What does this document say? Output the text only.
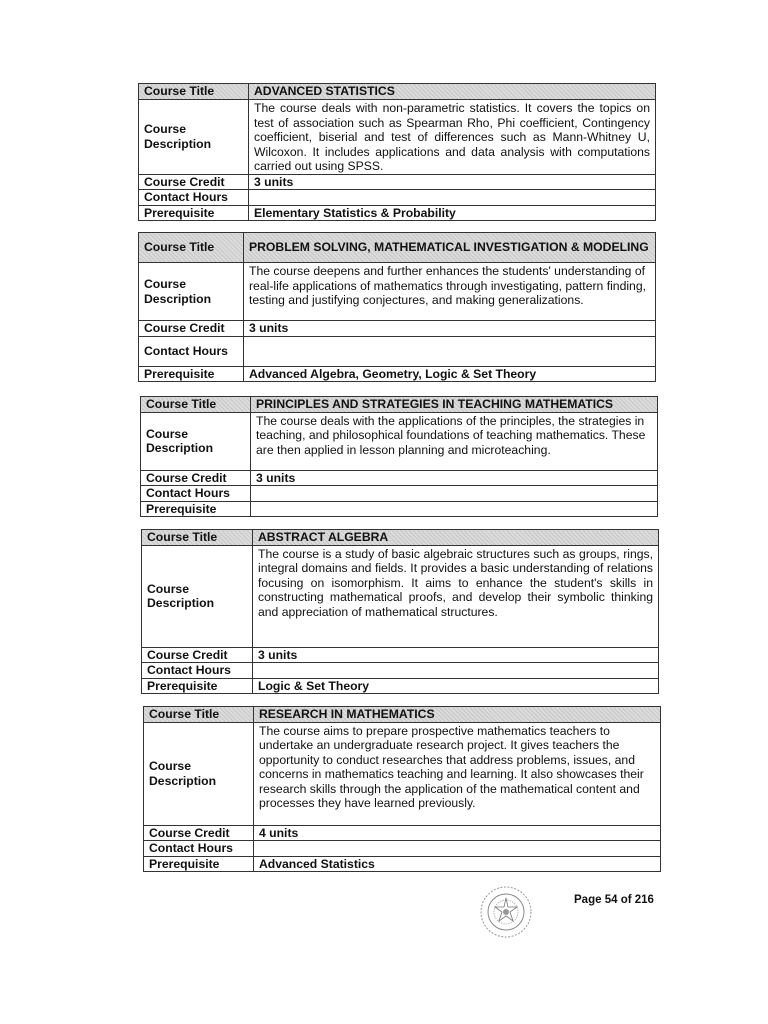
Course Title	ADVANCED STATISTICS
Course Description	The course deals with non-parametric statistics. It covers the topics on test of association such as Spearman Rho, Phi coefficient, Contingency coefficient, biserial and test of differences such as Mann-Whitney U, Wilcoxon. It includes applications and data analysis with computations carried out using SPSS.
Course Credit	3 units
Contact Hours	
Prerequisite	Elementary Statistics & Probability
Course Title	PROBLEM SOLVING, MATHEMATICAL INVESTIGATION & MODELING
Course Description	The course deepens and further enhances the students' understanding of real-life applications of mathematics through investigating, pattern finding, testing and justifying conjectures, and making generalizations.
Course Credit	3 units
Contact Hours	
Prerequisite	Advanced Algebra, Geometry, Logic & Set Theory
Course Title	PRINCIPLES AND STRATEGIES IN TEACHING MATHEMATICS
Course Description	The course deals with the applications of the principles, the strategies in teaching, and philosophical foundations of teaching mathematics. These are then applied in lesson planning and microteaching.
Course Credit	3 units
Contact Hours	
Prerequisite	
Course Title	ABSTRACT ALGEBRA
Course Description	The course is a study of basic algebraic structures such as groups, rings, integral domains and fields. It provides a basic understanding of relations focusing on isomorphism. It aims to enhance the student's skills in constructing mathematical proofs, and develop their symbolic thinking and appreciation of mathematical structures.
Course Credit	3 units
Contact Hours	
Prerequisite	Logic & Set Theory
Course Title	RESEARCH IN MATHEMATICS
Course Description	The course aims to prepare prospective mathematics teachers to undertake an undergraduate research project. It gives teachers the opportunity to conduct researches that address problems, issues, and concerns in mathematics teaching and learning. It also showcases their research skills through the application of the mathematical content and processes they have learned previously.
Course Credit	4 units
Contact Hours	
Prerequisite	Advanced Statistics
Page 54 of 216
